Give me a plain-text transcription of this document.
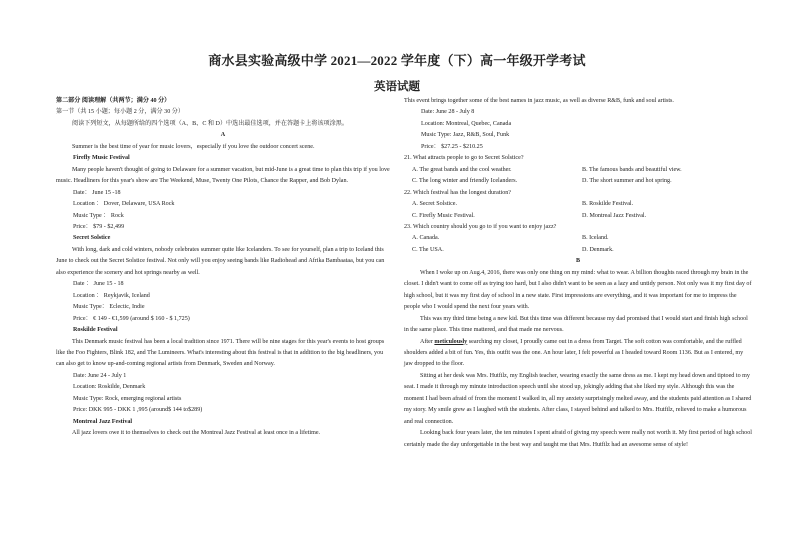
商水县实验高级中学 2021—2022 学年度（下）高一年级开学考试
英语试题

第二部分 阅读理解（共两节；满分 40 分）

第一节（共 15 小题；每小题 2 分，满分 30 分）

阅读下列短文，从每题所给的四个选项（A、B、C 和 D）中选出最佳选项，并在答题卡上将该项涂黑。

A

Summer is the best time of year for music lovers，especially if you love the outdoor concert scene.

Firefly Music Festival

Many people haven't thought of going to Delaware for a summer vacation, but mid-June is a great time to plan this trip if you love music. Headliners for this year's show are The Weekend, Muse, Twenty One Pilots, Chance the Rapper, and Bob Dylan.

Date： June 15 -18

Location ： Dover, Delaware, USA Rock

Music Type ： Rock

Price： $79 - $2,499

Secret Solstice

With long, dark and cold winters, nobody celebrates summer quite like Icelanders. To see for yourself, plan a trip to Iceland this June to check out the Secret Solstice festival. Not only will you enjoy seeing bands like Radiohead and Afrika Bambaataa, but you can also experience the scenery and hot springs nearby as well.

Date ： June 15 - 18

Location ： Reykjavik, Iceland

Music Type： Eclectic, Indie

Price： € 149 - €1,599 (around $ 160 - $ 1,725)

Roskilde Festival

This Denmark music festival has been a local tradition since 1971. There will be nine stages for this year's events to host groups like the Foo Fighters, Blink 182, and The Lumineers. What's interesting about this festival is that in addition to the big headliners, you can also get to know up-and-coming regional artists from Denmark, Sweden and Norway.

Date: June 24 - July 1

Location: Roskilde, Denmark

Music Type: Rock, emerging regional artists

Price: DKK 995 - DKK 1 ,995 (around$ 144 to$289)

Montreal Jazz Festival

All jazz lovers owe it to themselves to check out the Montreal Jazz Festival at least once in a lifetime.

This event brings together some of the best names in jazz music, as well as diverse R&B, funk and soul artists.

Date: June 28 - July 8

Location: Montreal, Quebec, Canada

Music Type: Jazz, R&B, Soul, Funk

Price： $27.25 - $210.25

21. What attracts people to go to Secret Solstice?

A. The great bands and the cool weather.	B. The famous bands and beautiful view.
C. The long winter and friendly Icelanders.	D. The short summer and hot spring.

22. Which festival has the longest duration?

A. Secret Solstice.	B. Roskilde Festival.
C. Firefly Music Festival.	D. Montreal Jazz Festival.

23. Which country should you go to if you want to enjoy jazz?

A. Canada.	B. Iceland.
C. The USA.	D. Denmark.

B

When I woke up on Aug.4, 2016, there was only one thing on my mind: what to wear. A billion thoughts raced through my brain in the closet. I didn't want to come off as trying too hard, but I also didn't want to be seen as a lazy and untidy person. Not only was it my first day of high school, but it was my first day of school in a new state. First impressions are everything, and it was important for me to impress the people who I would spend the next four years with.

This was my third time being a new kid. But this time was different because my dad promised that I would start and finish high school in the same place. This time mattered, and that made me nervous.

After meticulously searching my closet, I proudly came out in a dress from Target. The soft cotton was comfortable, and the ruffled shoulders added a bit of fun. Yes, this outfit was the one. An hour later, I felt powerful as I headed toward Room 1136. But as I entered, my jaw dropped to the floor.

Sitting at her desk was Mrs. Hutfilz, my English teacher, wearing exactly the same dress as me. I kept my head down and tiptoed to my seat. I made it through my minute introduction speech until she stood up, jokingly adding that she liked my style. Although this was the moment I had been afraid of from the moment I walked in, all my anxiety surprisingly melted away, and the students paid attention as I shared my story. My smile grew as I laughed with the students. After class, I stayed behind and talked to Mrs. Hutfilz, relieved to make a humorous and real connection.

Looking back four years later, the ten minutes I spent afraid of giving my speech were really not worth it. My first period of high school certainly made the day unforgettable in the best way and taught me that Mrs. Hutfilz had an awesome sense of style!
